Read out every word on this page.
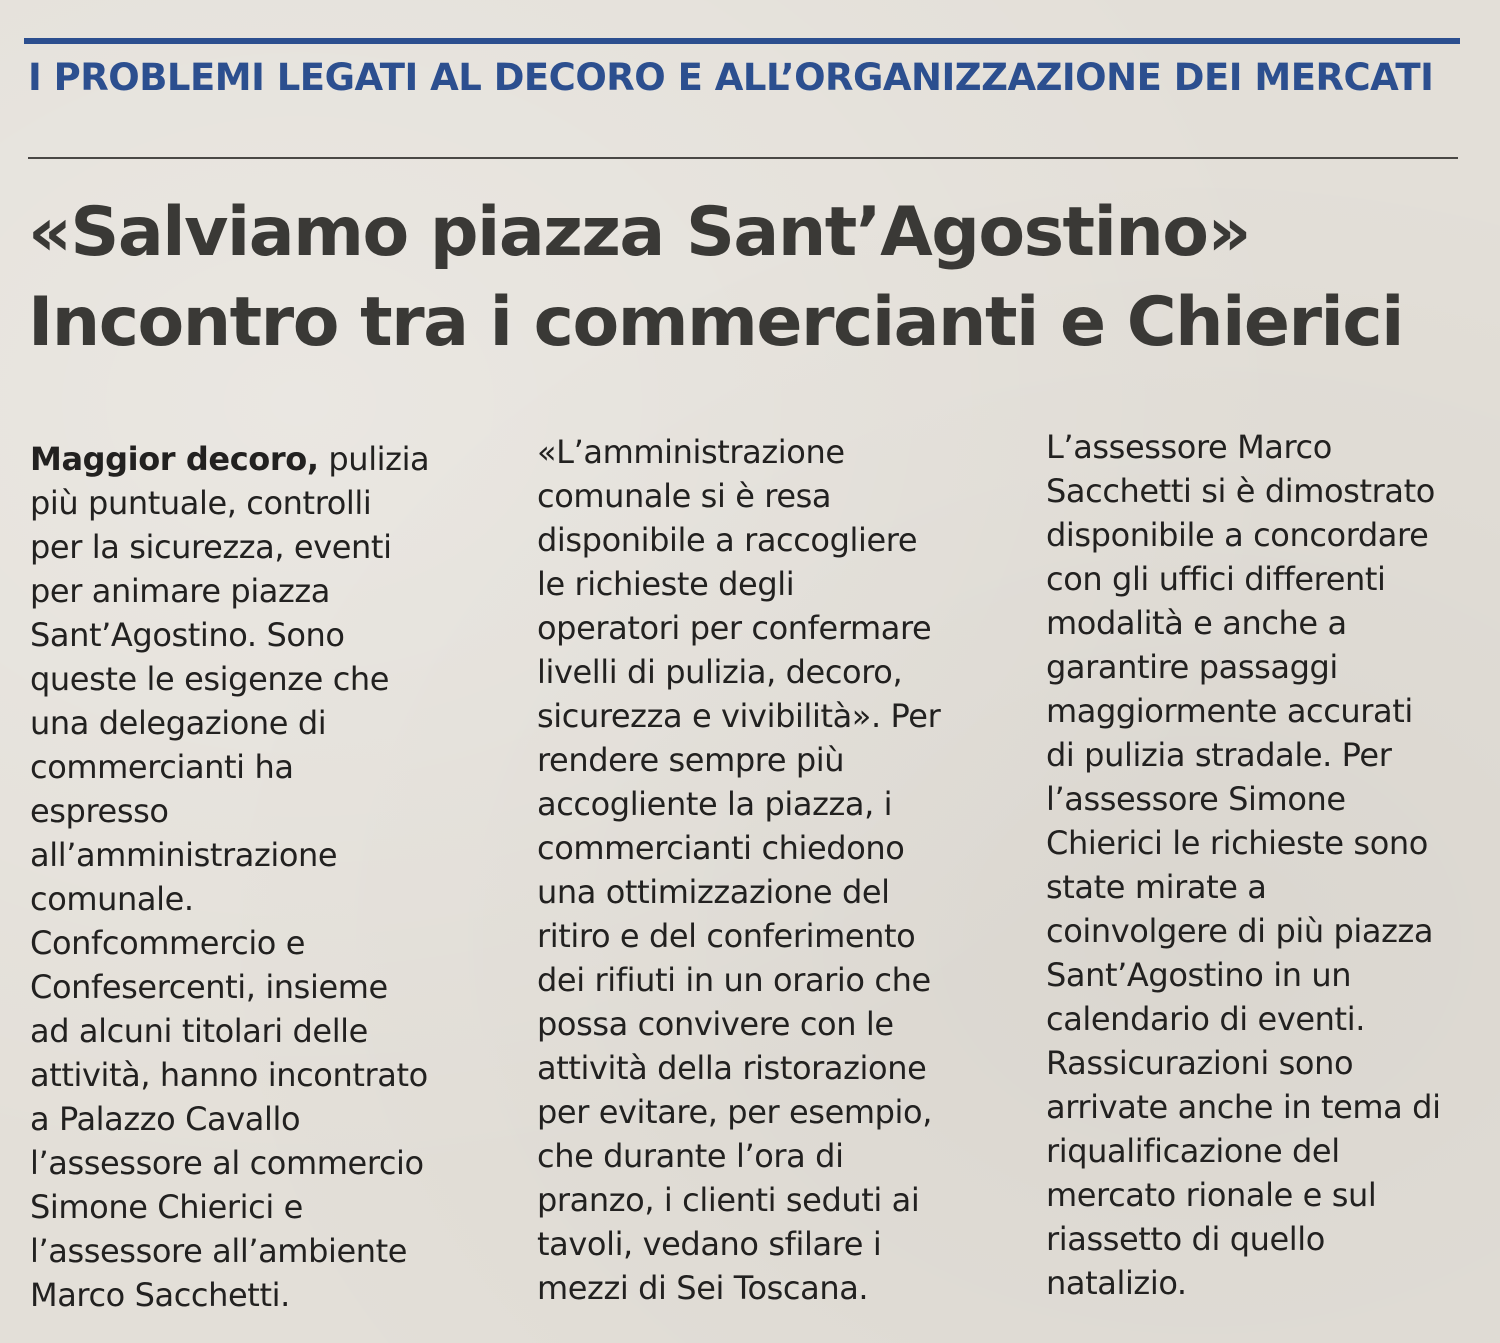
I PROBLEMI LEGATI AL DECORO E ALL’ORGANIZZAZIONE DEI MERCATI
«Salviamo piazza Sant’Agostino»
Incontro tra i commercianti e Chierici
Maggior decoro, pulizia
più puntuale, controlli
per la sicurezza, eventi
per animare piazza
Sant’Agostino. Sono
queste le esigenze che
una delegazione di
commercianti ha
espresso
all’amministrazione
comunale.
Confcommercio e
Confesercenti, insieme
ad alcuni titolari delle
attività, hanno incontrato
a Palazzo Cavallo
l’assessore al commercio
Simone Chierici e
l’assessore all’ambiente
Marco Sacchetti.
«L’amministrazione
comunale si è resa
disponibile a raccogliere
le richieste degli
operatori per confermare
livelli di pulizia, decoro,
sicurezza e vivibilità». Per
rendere sempre più
accogliente la piazza, i
commercianti chiedono
una ottimizzazione del
ritiro e del conferimento
dei rifiuti in un orario che
possa convivere con le
attività della ristorazione
per evitare, per esempio,
che durante l’ora di
pranzo, i clienti seduti ai
tavoli, vedano sfilare i
mezzi di Sei Toscana.
L’assessore Marco
Sacchetti si è dimostrato
disponibile a concordare
con gli uffici differenti
modalità e anche a
garantire passaggi
maggiormente accurati
di pulizia stradale. Per
l’assessore Simone
Chierici le richieste sono
state mirate a
coinvolgere di più piazza
Sant’Agostino in un
calendario di eventi.
Rassicurazioni sono
arrivate anche in tema di
riqualificazione del
mercato rionale e sul
riassetto di quello
natalizio.
